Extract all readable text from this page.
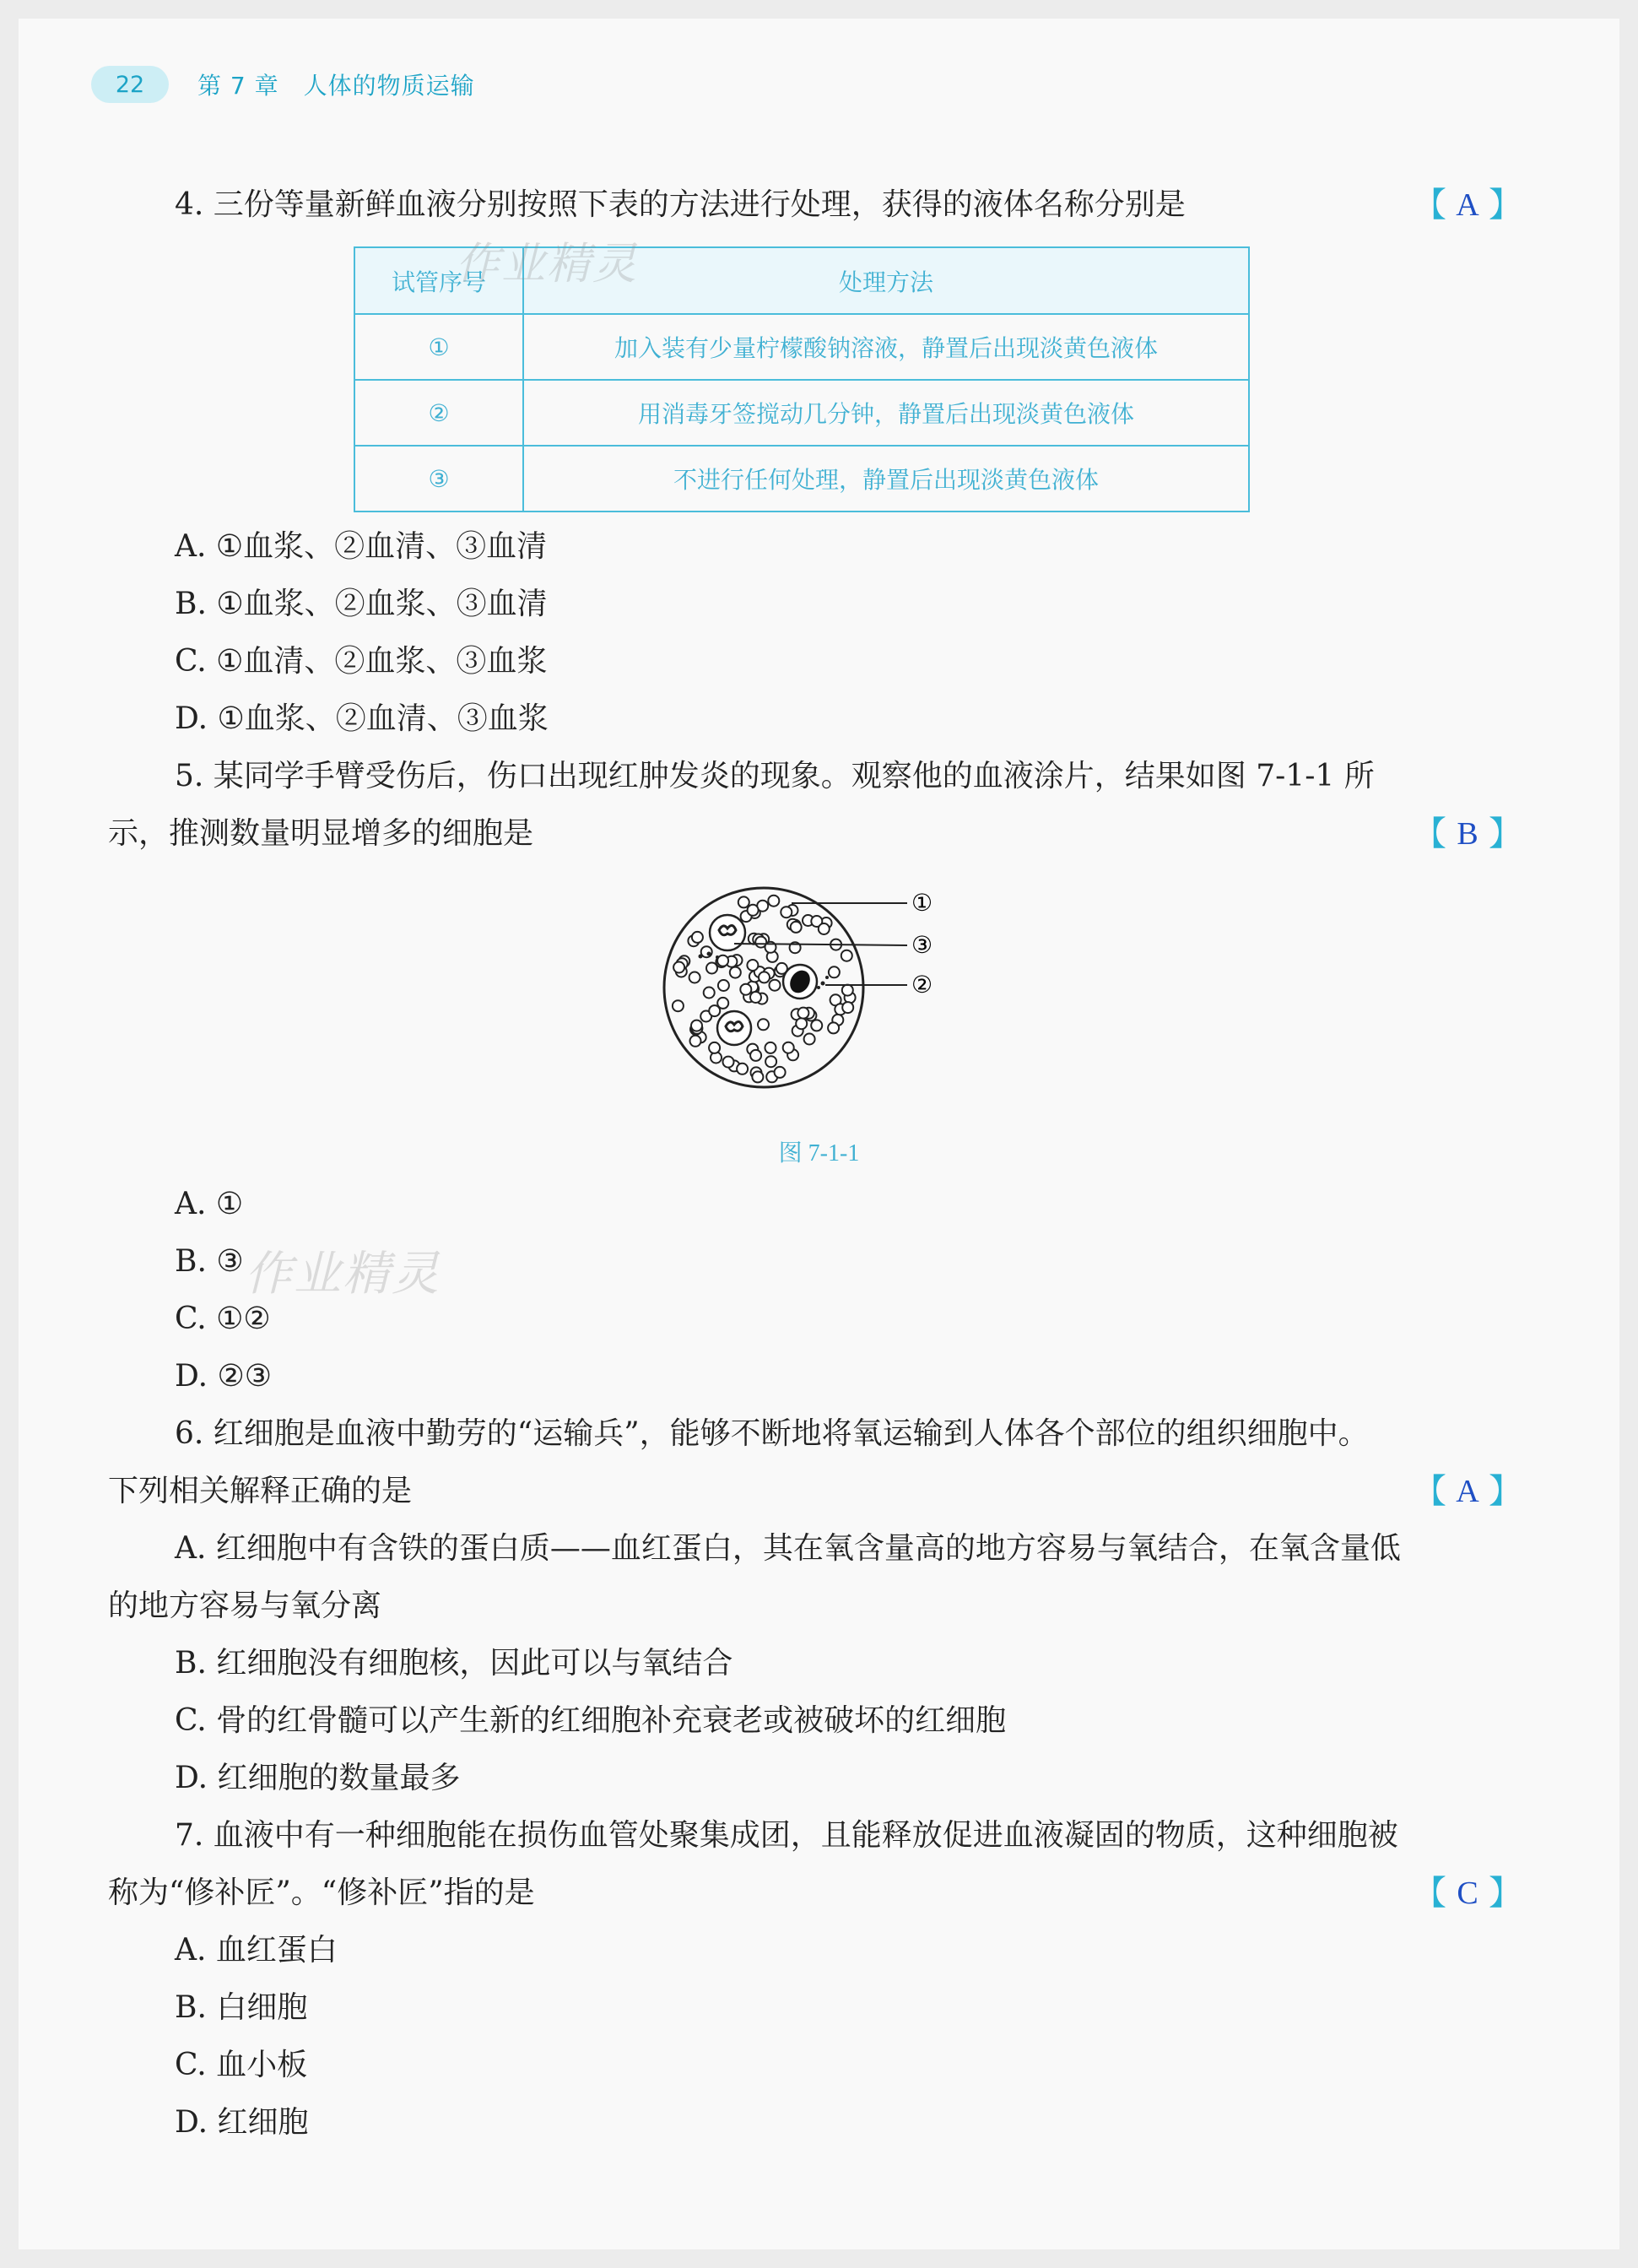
22	第 7 章　人体的物质运输
4. 三份等量新鲜血液分别按照下表的方法进行处理，获得的液体名称分别是	【 A 】
试管序号	处理方法
①	加入装有少量柠檬酸钠溶液，静置后出现淡黄色液体
②	用消毒牙签搅动几分钟，静置后出现淡黄色液体
③	不进行任何处理，静置后出现淡黄色液体
作业精灵
A. ①血浆、②血清、③血清
B. ①血浆、②血浆、③血清
C. ①血清、②血浆、③血浆
D. ①血浆、②血清、③血浆
5. 某同学手臂受伤后，伤口出现红肿发炎的现象。观察他的血液涂片，结果如图 7-1-1 所
示，推测数量明显增多的细胞是	【 B 】
①
③
②
图 7-1-1
A. ①
B. ③
C. ①②
D. ②③
作业精灵
6. 红细胞是血液中勤劳的“运输兵”，能够不断地将氧运输到人体各个部位的组织细胞中。
下列相关解释正确的是	【 A 】
A. 红细胞中有含铁的蛋白质——血红蛋白，其在氧含量高的地方容易与氧结合，在氧含量低
的地方容易与氧分离
B. 红细胞没有细胞核，因此可以与氧结合
C. 骨的红骨髓可以产生新的红细胞补充衰老或被破坏的红细胞
D. 红细胞的数量最多
7. 血液中有一种细胞能在损伤血管处聚集成团，且能释放促进血液凝固的物质，这种细胞被
称为“修补匠”。“修补匠”指的是	【 C 】
A. 血红蛋白
B. 白细胞
C. 血小板
D. 红细胞
